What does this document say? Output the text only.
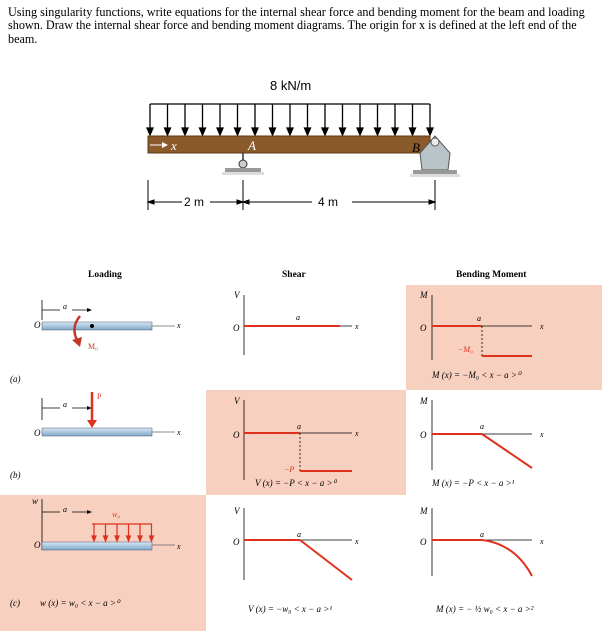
Using singularity functions, write equations for the internal shear force and bending moment for the beam and loading shown. Draw the internal shear force and bending moment diagrams. The origin for x is defined at the left end of the beam.
8 kN/m
x	A	B
2 m	4 m
Loading	Shear	Bending Moment
(a)
O
a
x
M₀
V
O
a
x
M
O
a
x
−M₀
M (x) = −M₀ < x − a >⁰
(b)
O
a
x
P	V
O
a
x
−P
V (x) = −P < x − a >⁰
M
O
a
x
M (x) = −P < x − a >¹
w
O
a
w₀
x
(c) w (x) = w₀ < x − a >⁰
V
O
a
x
V (x) = −w₀ < x − a >¹
M
O
a
x
M (x) = − ½ w₀ < x − a >²
